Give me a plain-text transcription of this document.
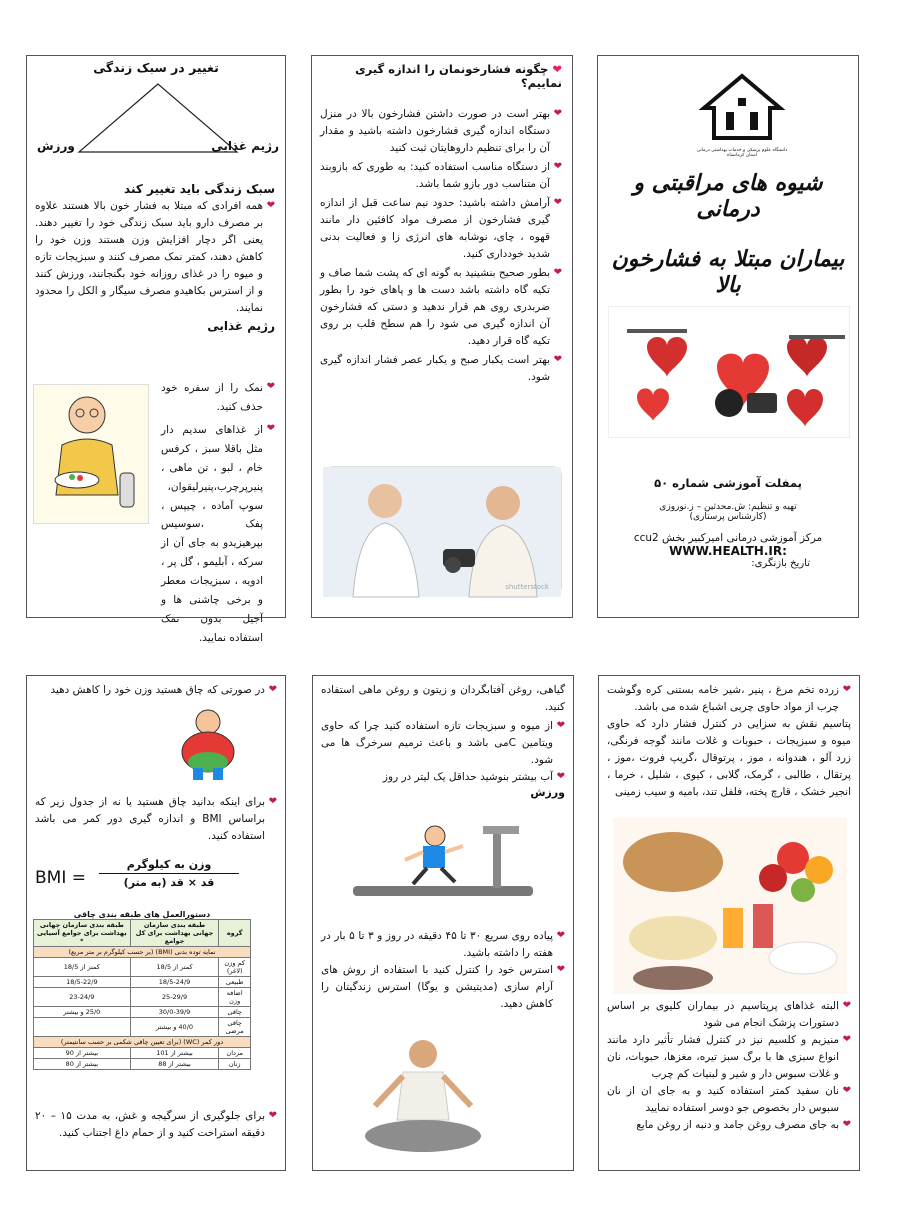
تغییر در سبک زندگی
ورزش	رژیم غذایی
سبک زندگی باید تغییر کند
❤
همه افرادی که مبتلا به فشار خون بالا هستند علاوه بر مصرف دارو باید سبک زندگی خود را تغییر دهند. یعنی اگر دچار افزایش وزن هستند وزن خود را کاهش دهند، کمتر نمک مصرف کنند و سبزیجات تازه و میوه را در غذای روزانه خود بگنجانند، ورزش کنند و از استرس بکاهیدو مصرف سیگار و الکل را محدود نمایند.
رژیم غذایی
❤
نمک را از سفره خود حذف کنید.
❤
از غذاهای سدیم دار مثل باقلا سبز ، کرفس خام ، لبو ، تن ماهی ، پنیرپرچرب،پنیرلیقوان، سوپ آماده ، چیپس ، پفک ،سوسیس بپرهیزیدو به جای آن از سرکه ، آبلیمو ، گل پر ، ادویه ، سبزیجات معطر و برخی چاشنی ها و آجیل بدون نمک استفاده نمایید.
❤ چگونه فشارخونمان را اندازه گیری نماییم؟
❤
بهتر است در صورت داشتن فشارخون بالا در منزل دستگاه اندازه گیری فشارخون داشته باشید و مقدار آن را برای تنظیم داروهایتان ثبت کنید
❤
از دستگاه مناسب استفاده کنید: به طوری که بازوبند آن متناسب دور بازو شما باشد.
❤
آرامش داشته باشید: حدود نیم ساعت قبل از اندازه گیری فشارخون از مصرف مواد کافئین دار مانند قهوه ، چای، نوشابه های انرژی زا و فعالیت بدنی شدید خودداری کنید.
❤
بطور صحیح بنشینید به گونه ای که پشت شما صاف و تکیه گاه داشته باشد دست ها و پاهای خود را بطور ضربدری روی هم قرار ندهید و دستی که فشارخون آن اندازه گیری می شود را هم سطح قلب بر روی تکیه گاه قرار دهید.
❤
بهتر است یکبار صبح و یکبار عصر فشار اندازه گیری شود.
shutterstock
دانشگاه علوم پزشکی و خدمات بهداشتی درمانی استان کرمانشاه
شیوه های مراقبتی و درمانی
بیماران مبتلا به فشارخون بالا
پمفلت آموزشی شماره ۵۰
تهیه و تنظیم: ش.محدثین – ز.نوروزی
(کارشناس پرستاری)
مرکز آموزشی درمانی امیرکبیر بخش ccu2
WWW.HEALTH.IR:
تاریخ بازنگری:
❤
در صورتی که چاق هستید وزن خود را کاهش دهید
❤
برای اینکه بدانید چاق هستید یا نه از جدول زیر که براساس BMI و اندازه گیری دور کمر می باشد استفاده کنید.
BMI =
وزن به کیلوگرم
قد × قد (به متر)
دستورالعمل های طبقه بندی چاقی
گروه	طبقه بندی سازمان جهانی بهداشت برای کل جوامع	طبقه بندی سازمان جهانی بهداشت برای جوامع آسیایی *
نمایه توده بدنی (BMI) (بر حسب کیلوگرم بر متر مربع)		
کم وزن (لاغر)	کمتر از 18/5	کمتر از 18/5
طبیعی	18/5-24/9	18/5-22/9
اضافه وزن	25-29/9	23-24/9
چاقی	30/0-39/9	25/0 و بیشتر
چاقی مرضی	40/0 و بیشتر	
دور کمر (WC) (برای تعیین چاقی شکمی بر حسب سانتیمتر)		
مردان	بیشتر از 101	بیشتر از 90
زنان	بیشتر از 88	بیشتر از 80
❤
برای جلوگیری از سرگیجه و غش، به مدت ۱۵ – ۲۰ دقیقه استراحت کنید و از حمام داغ اجتناب کنید.
گیاهی، روغن آفتابگردان و زیتون و روغن ماهی استفاده کنید.
❤
از میوه و سبزیجات تازه استفاده کنید چرا که حاوی ویتامین Cمی باشد و باعث ترمیم سرخرگ ها می شود.
❤
آب بیشتر بنوشید حداقل یک لیتر در روز
ورزش
❤
پیاده روی سریع ۳۰ تا ۴۵ دقیقه در روز و ۳ تا ۵ بار در هفته را داشته باشید.
❤
استرس خود را کنترل کنید با استفاده از روش های آرام سازی (مدیتیشن و یوگا) استرس زندگیتان را کاهش دهید.
❤
زرده تخم مرغ ، پنیر ،شیر خامه بستنی کره وگوشت چرب از مواد حاوی چربی اشباع شده می باشد.
پتاسیم نقش به سزایی در کنترل فشار دارد که حاوی میوه و سبزیجات ، حبوبات و غلات مانند گوجه فرنگی، زرد آلو ، هندوانه ، موز ، پرتوقال ،گریپ فروت ،موز ، پرتقال ، طالبی ، گرمک، گلابی ، کیوی ، شلیل ، خرما ، انجیر خشک ، قارچ پخته، فلفل تند، بامیه و سیب زمینی
❤
البته غذاهای پرپتاسیم در بیماران کلیوی بر اساس دستورات پزشک انجام می شود
❤
منیزیم و کلسیم نیز در کنترل فشار تأثیر دارد مانند انواع سبزی ها با برگ سبز تیره، مغزها، حبوبات، نان و غلات سبوس دار و شیر و لبنیات کم چرب
❤
نان سفید کمتر استفاده کنید و به جای ان از نان سبوس دار بخصوص جو دوسر استفاده نمایید
❤
به جای مصرف روغن جامد و دنبه از روغن مایع
